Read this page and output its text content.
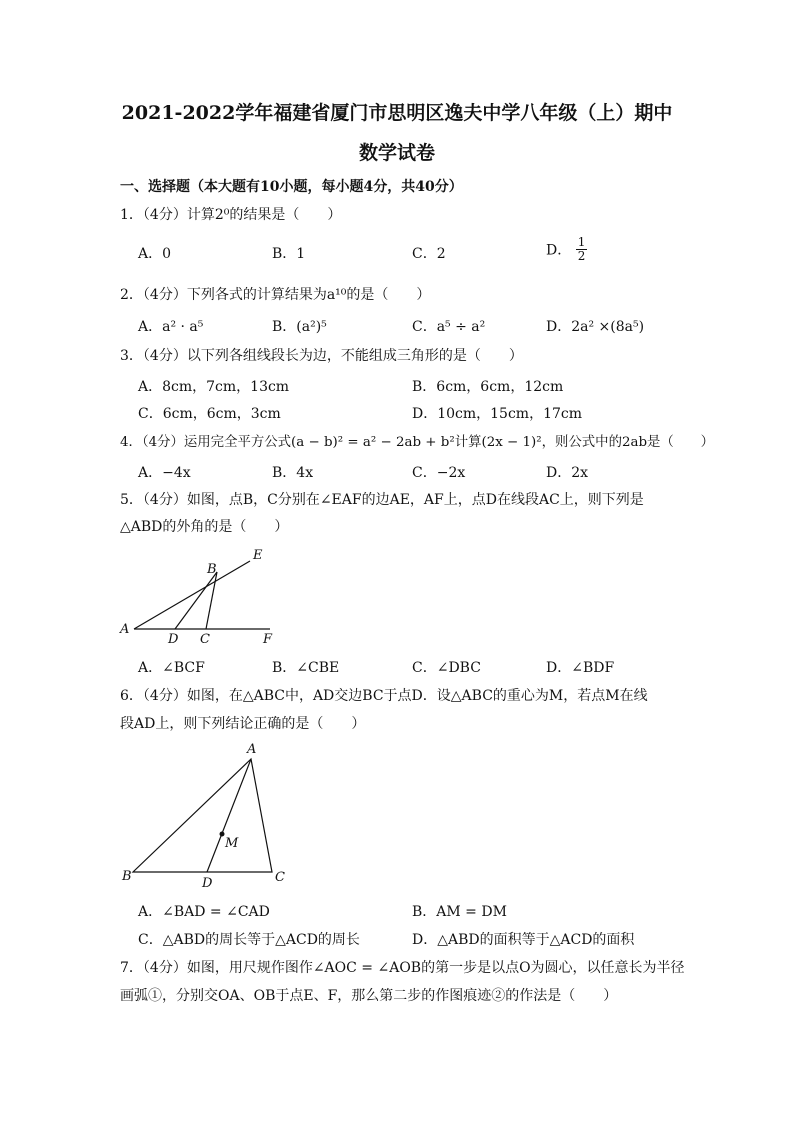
2021-2022学年福建省厦门市思明区逸夫中学八年级（上）期中
数学试卷
一、选择题（本大题有10小题，每小题4分，共40分）
1．（4分）计算2⁰的结果是（　　）
A．0	B．1	C．2	D． $\frac{1}{2}$
2．（4分）下列各式的计算结果为a¹⁰的是（　　）
A．a² · a⁵	B．(a²)⁵	C．a⁵ ÷ a²	D．2a² ×(8a⁵)
3．（4分）以下列各组线段长为边，不能组成三角形的是（　　）
A．8cm，7cm，13cm	B．6cm，6cm，12cm
C．6cm，6cm，3cm	D．10cm，15cm，17cm
4．（4分）运用完全平方公式(a − b)² = a² − 2ab + b²计算(2x − 1)²，则公式中的2ab是（　　）
A．−4x	B．4x	C．−2x	D．2x
5．（4分）如图，点B，C分别在∠EAF的边AE，AF上，点D在线段AC上，则下列是
△ABD的外角的是（　　）
A
B
D C
E
F
A．∠BCF	B．∠CBE	C．∠DBC	D．∠BDF
6．（4分）如图，在△ABC中，AD交边BC于点D．设△ABC的重心为M，若点M在线
段AD上，则下列结论正确的是（　　）
A
B	D	C
M
A．∠BAD = ∠CAD	B．AM = DM
C．△ABD的周长等于△ACD的周长	D．△ABD的面积等于△ACD的面积
7．（4分）如图，用尺规作图作∠AOC = ∠AOB的第一步是以点O为圆心，以任意长为半径
画弧①，分别交OA、OB于点E、F，那么第二步的作图痕迹②的作法是（　　）
